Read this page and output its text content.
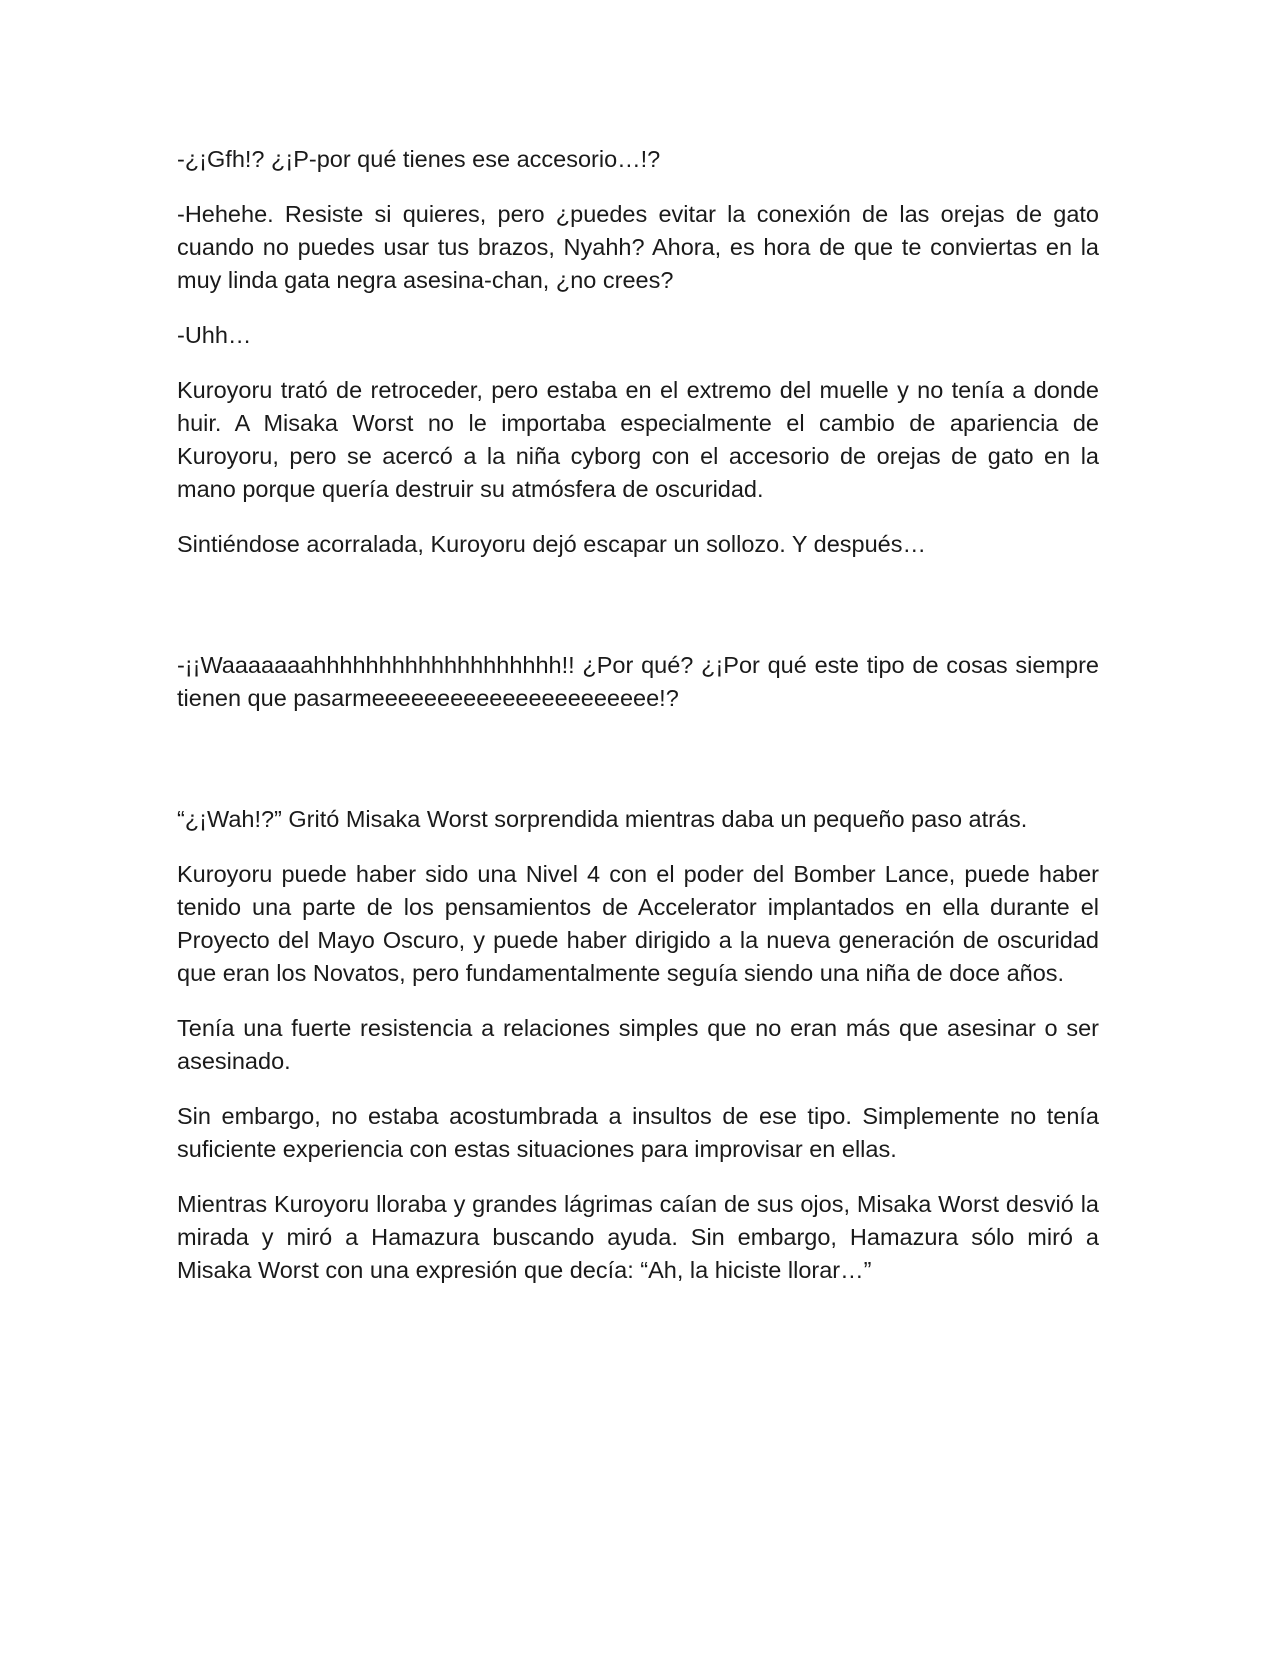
-¿¡Gfh!? ¿¡P-por qué tienes ese accesorio…!?

-Hehehe. Resiste si quieres, pero ¿puedes evitar la conexión de las orejas de gato cuando no puedes usar tus brazos, Nyahh? Ahora, es hora de que te conviertas en la muy linda gata negra asesina-chan, ¿no crees?

-Uhh…

Kuroyoru trató de retroceder, pero estaba en el extremo del muelle y no tenía a donde huir. A Misaka Worst no le importaba especialmente el cambio de apariencia de Kuroyoru, pero se acercó a la niña cyborg con el accesorio de orejas de gato en la mano porque quería destruir su atmósfera de oscuridad.

Sintiéndose acorralada, Kuroyoru dejó escapar un sollozo. Y después…

-¡¡Waaaaaaahhhhhhhhhhhhhhhhhhh!! ¿Por qué? ¿¡Por qué este tipo de cosas siempre tienen que pasarmeeeeeeeeeeeeeeeeeeeeee!?

“¿¡Wah!?” Gritó Misaka Worst sorprendida mientras daba un pequeño paso atrás.

Kuroyoru puede haber sido una Nivel 4 con el poder del Bomber Lance, puede haber tenido una parte de los pensamientos de Accelerator implantados en ella durante el Proyecto del Mayo Oscuro, y puede haber dirigido a la nueva generación de oscuridad que eran los Novatos, pero fundamentalmente seguía siendo una niña de doce años.

Tenía una fuerte resistencia a relaciones simples que no eran más que asesinar o ser asesinado.

Sin embargo, no estaba acostumbrada a insultos de ese tipo. Simplemente no tenía suficiente experiencia con estas situaciones para improvisar en ellas.

Mientras Kuroyoru lloraba y grandes lágrimas caían de sus ojos, Misaka Worst desvió la mirada y miró a Hamazura buscando ayuda. Sin embargo, Hamazura sólo miró a Misaka Worst con una expresión que decía: “Ah, la hiciste llorar…”
